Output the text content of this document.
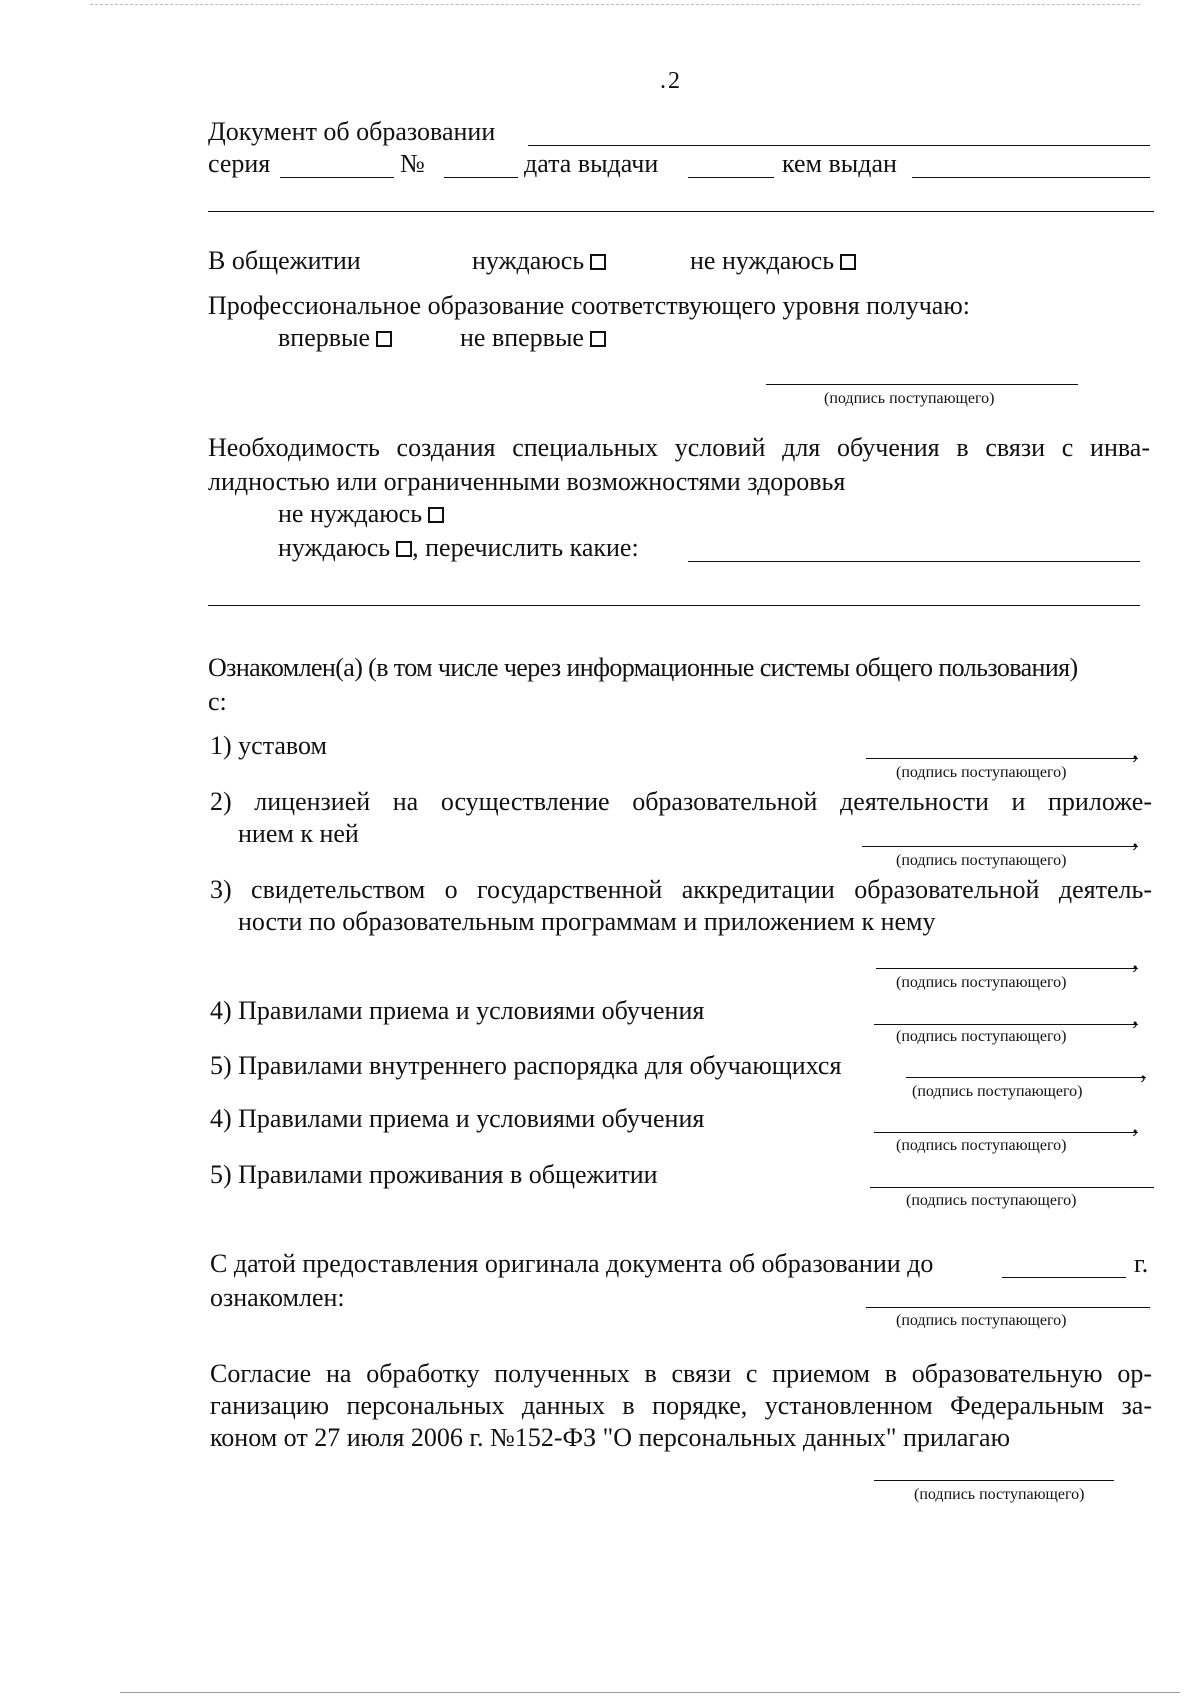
. 2
Документ об образовании
серия	№	дата выдачи	кем выдан
В общежитии	нуждаюсь	не нуждаюсь
Профессиональное образование соответствующего уровня получаю:
впервые	не впервые
(подпись поступающего)
Необходимость создания специальных условий для обучения в связи с инва-
лидностью или ограниченными возможностями здоровья
не нуждаюсь
нуждаюсь , перечислить какие:
Ознакомлен(а) (в том числе через информационные системы общего пользования)
с:
1) уставом	,
(подпись поступающего)
2) лицензией на осуществление образовательной деятельности и приложе-
нием к ней	,
(подпись поступающего)
3) свидетельством о государственной аккредитации образовательной деятель-
ности по образовательным программам и приложением к нему
,
(подпись поступающего)
4) Правилами приема и условиями обучения	,
(подпись поступающего)
5) Правилами внутреннего распорядка для обучающихся	,
(подпись поступающего)
4) Правилами приема и условиями обучения	,
(подпись поступающего)
5) Правилами проживания в общежитии
(подпись поступающего)
С датой предоставления оригинала документа об образовании до	г.
ознакомлен:
(подпись поступающего)
Согласие на обработку полученных в связи с приемом в образовательную ор-
ганизацию персональных данных в порядке, установленном Федеральным за-
коном от 27 июля 2006 г. №152-ФЗ "О персональных данных" прилагаю
(подпись поступающего)
